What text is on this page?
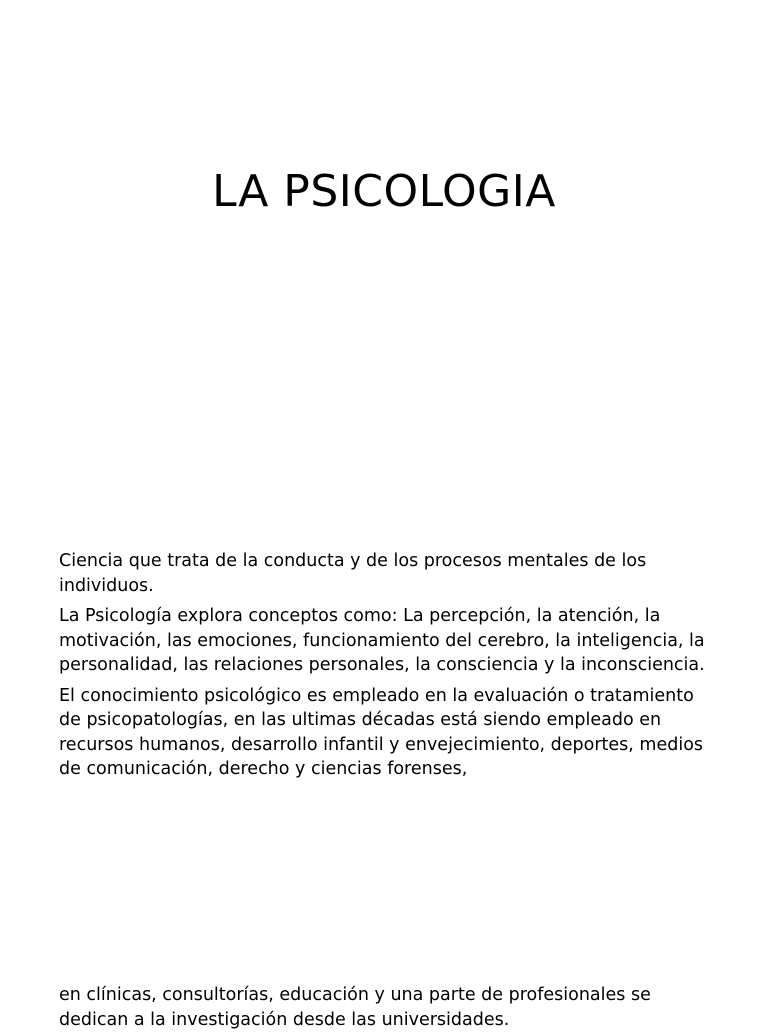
LA PSICOLOGIA

Ciencia que trata de la conducta y de los procesos mentales de los individuos.

La Psicología explora conceptos como: La percepción, la atención, la motivación, las emociones, funcionamiento del cerebro, la inteligencia, la personalidad, las relaciones personales, la consciencia y la inconsciencia.

El conocimiento psicológico es empleado en la evaluación o tratamiento de psicopatologías, en las ultimas décadas está siendo empleado en recursos humanos, desarrollo infantil y envejecimiento, deportes, medios de comunicación, derecho y ciencias forenses,

en clínicas, consultorías, educación y una parte de profesionales se dedican a la investigación desde las universidades.
